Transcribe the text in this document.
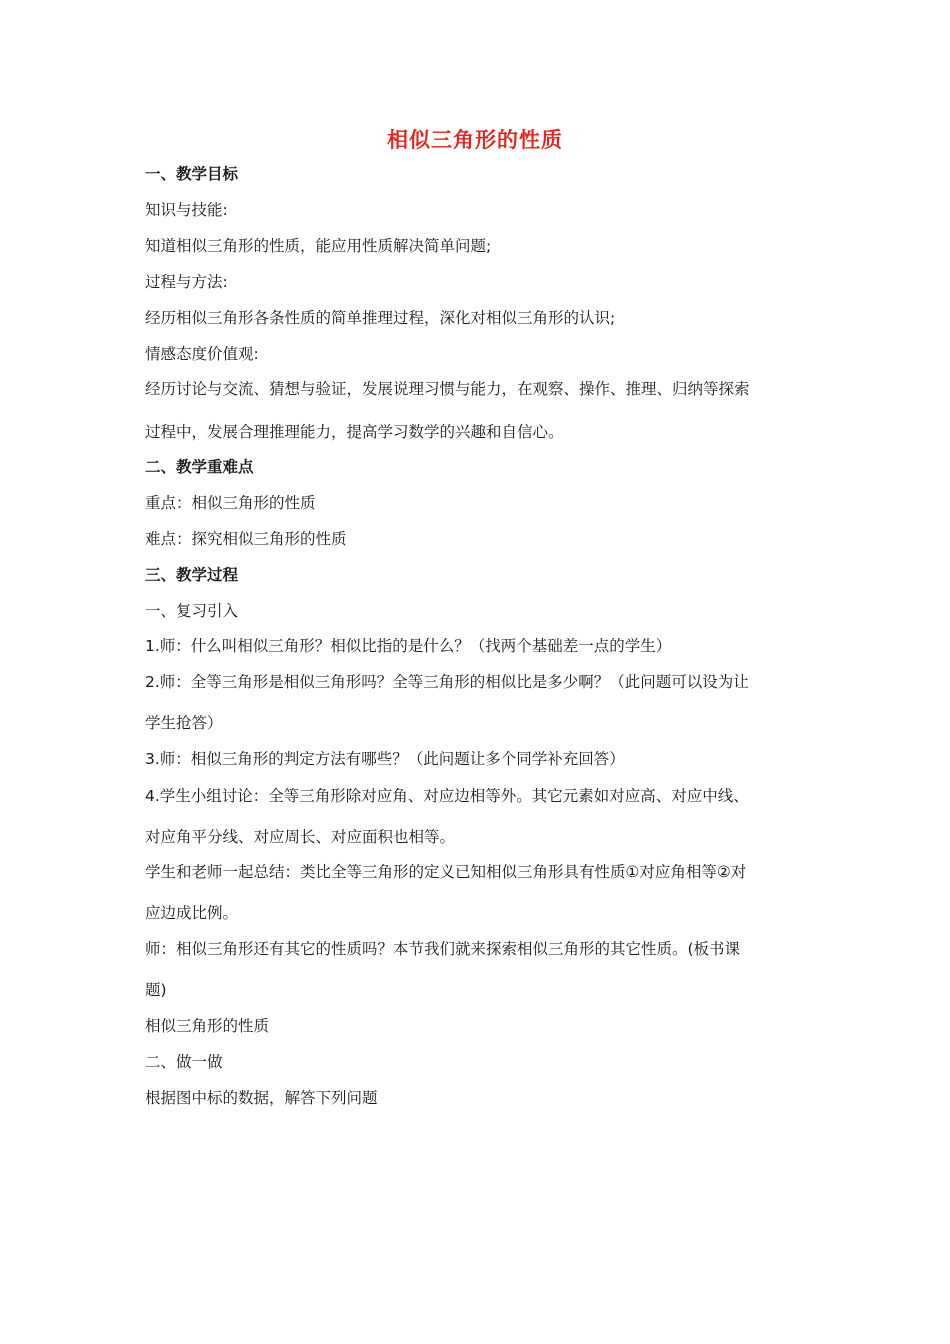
相似三角形的性质
一、教学目标
知识与技能:
知道相似三角形的性质，能应用性质解决简单问题;
过程与方法:
经历相似三角形各条性质的简单推理过程，深化对相似三角形的认识;
情感态度价值观:
经历讨论与交流、猜想与验证，发展说理习惯与能力，在观察、操作、推理、归纳等探索
过程中，发展合理推理能力，提高学习数学的兴趣和自信心。
二、教学重难点
重点：相似三角形的性质
难点：探究相似三角形的性质
三、教学过程
一、复习引入
1.师：什么叫相似三角形？相似比指的是什么？（找两个基础差一点的学生）
2.师：全等三角形是相似三角形吗？全等三角形的相似比是多少啊？（此问题可以设为让
学生抢答）
3.师：相似三角形的判定方法有哪些？（此问题让多个同学补充回答）
4.学生小组讨论：全等三角形除对应角、对应边相等外。其它元素如对应高、对应中线、
对应角平分线、对应周长、对应面积也相等。
学生和老师一起总结：类比全等三角形的定义已知相似三角形具有性质①对应角相等②对
应边成比例。
师：相似三角形还有其它的性质吗？本节我们就来探索相似三角形的其它性质。(板书课
题)
相似三角形的性质
二、做一做
根据图中标的数据，解答下列问题
